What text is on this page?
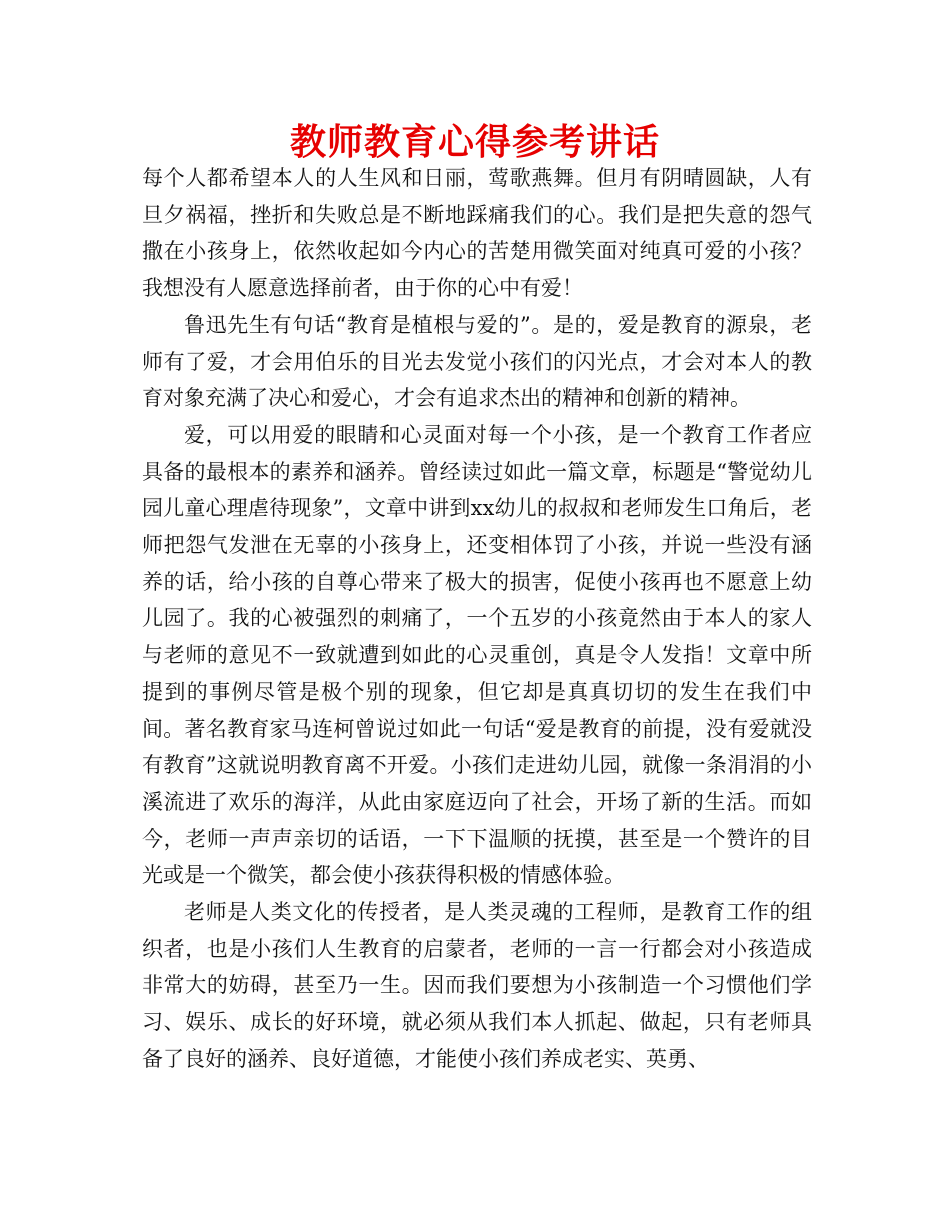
教师教育心得参考讲话

每个人都希望本人的人生风和日丽，莺歌燕舞。但月有阴晴圆缺，人有旦夕祸福，挫折和失败总是不断地踩痛我们的心。我们是把失意的怨气撒在小孩身上，依然收起如今内心的苦楚用微笑面对纯真可爱的小孩？我想没有人愿意选择前者，由于你的心中有爱！

鲁迅先生有句话“教育是植根与爱的”。是的，爱是教育的源泉，老师有了爱，才会用伯乐的目光去发觉小孩们的闪光点，才会对本人的教育对象充满了决心和爱心，才会有追求杰出的精神和创新的精神。

爱，可以用爱的眼睛和心灵面对每一个小孩，是一个教育工作者应具备的最根本的素养和涵养。曾经读过如此一篇文章，标题是“警觉幼儿园儿童心理虐待现象”，文章中讲到xx幼儿的叔叔和老师发生口角后，老师把怨气发泄在无辜的小孩身上，还变相体罚了小孩，并说一些没有涵养的话，给小孩的自尊心带来了极大的损害，促使小孩再也不愿意上幼儿园了。我的心被强烈的刺痛了，一个五岁的小孩竟然由于本人的家人与老师的意见不一致就遭到如此的心灵重创，真是令人发指！文章中所提到的事例尽管是极个别的现象，但它却是真真切切的发生在我们中间。著名教育家马连柯曾说过如此一句话“爱是教育的前提，没有爱就没有教育”这就说明教育离不开爱。小孩们走进幼儿园，就像一条涓涓的小溪流进了欢乐的海洋，从此由家庭迈向了社会，开场了新的生活。而如今，老师一声声亲切的话语，一下下温顺的抚摸，甚至是一个赞许的目光或是一个微笑，都会使小孩获得积极的情感体验。

老师是人类文化的传授者，是人类灵魂的工程师，是教育工作的组织者，也是小孩们人生教育的启蒙者，老师的一言一行都会对小孩造成非常大的妨碍，甚至乃一生。因而我们要想为小孩制造一个习惯他们学习、娱乐、成长的好环境，就必须从我们本人抓起、做起，只有老师具备了良好的涵养、良好道德，才能使小孩们养成老实、英勇、
